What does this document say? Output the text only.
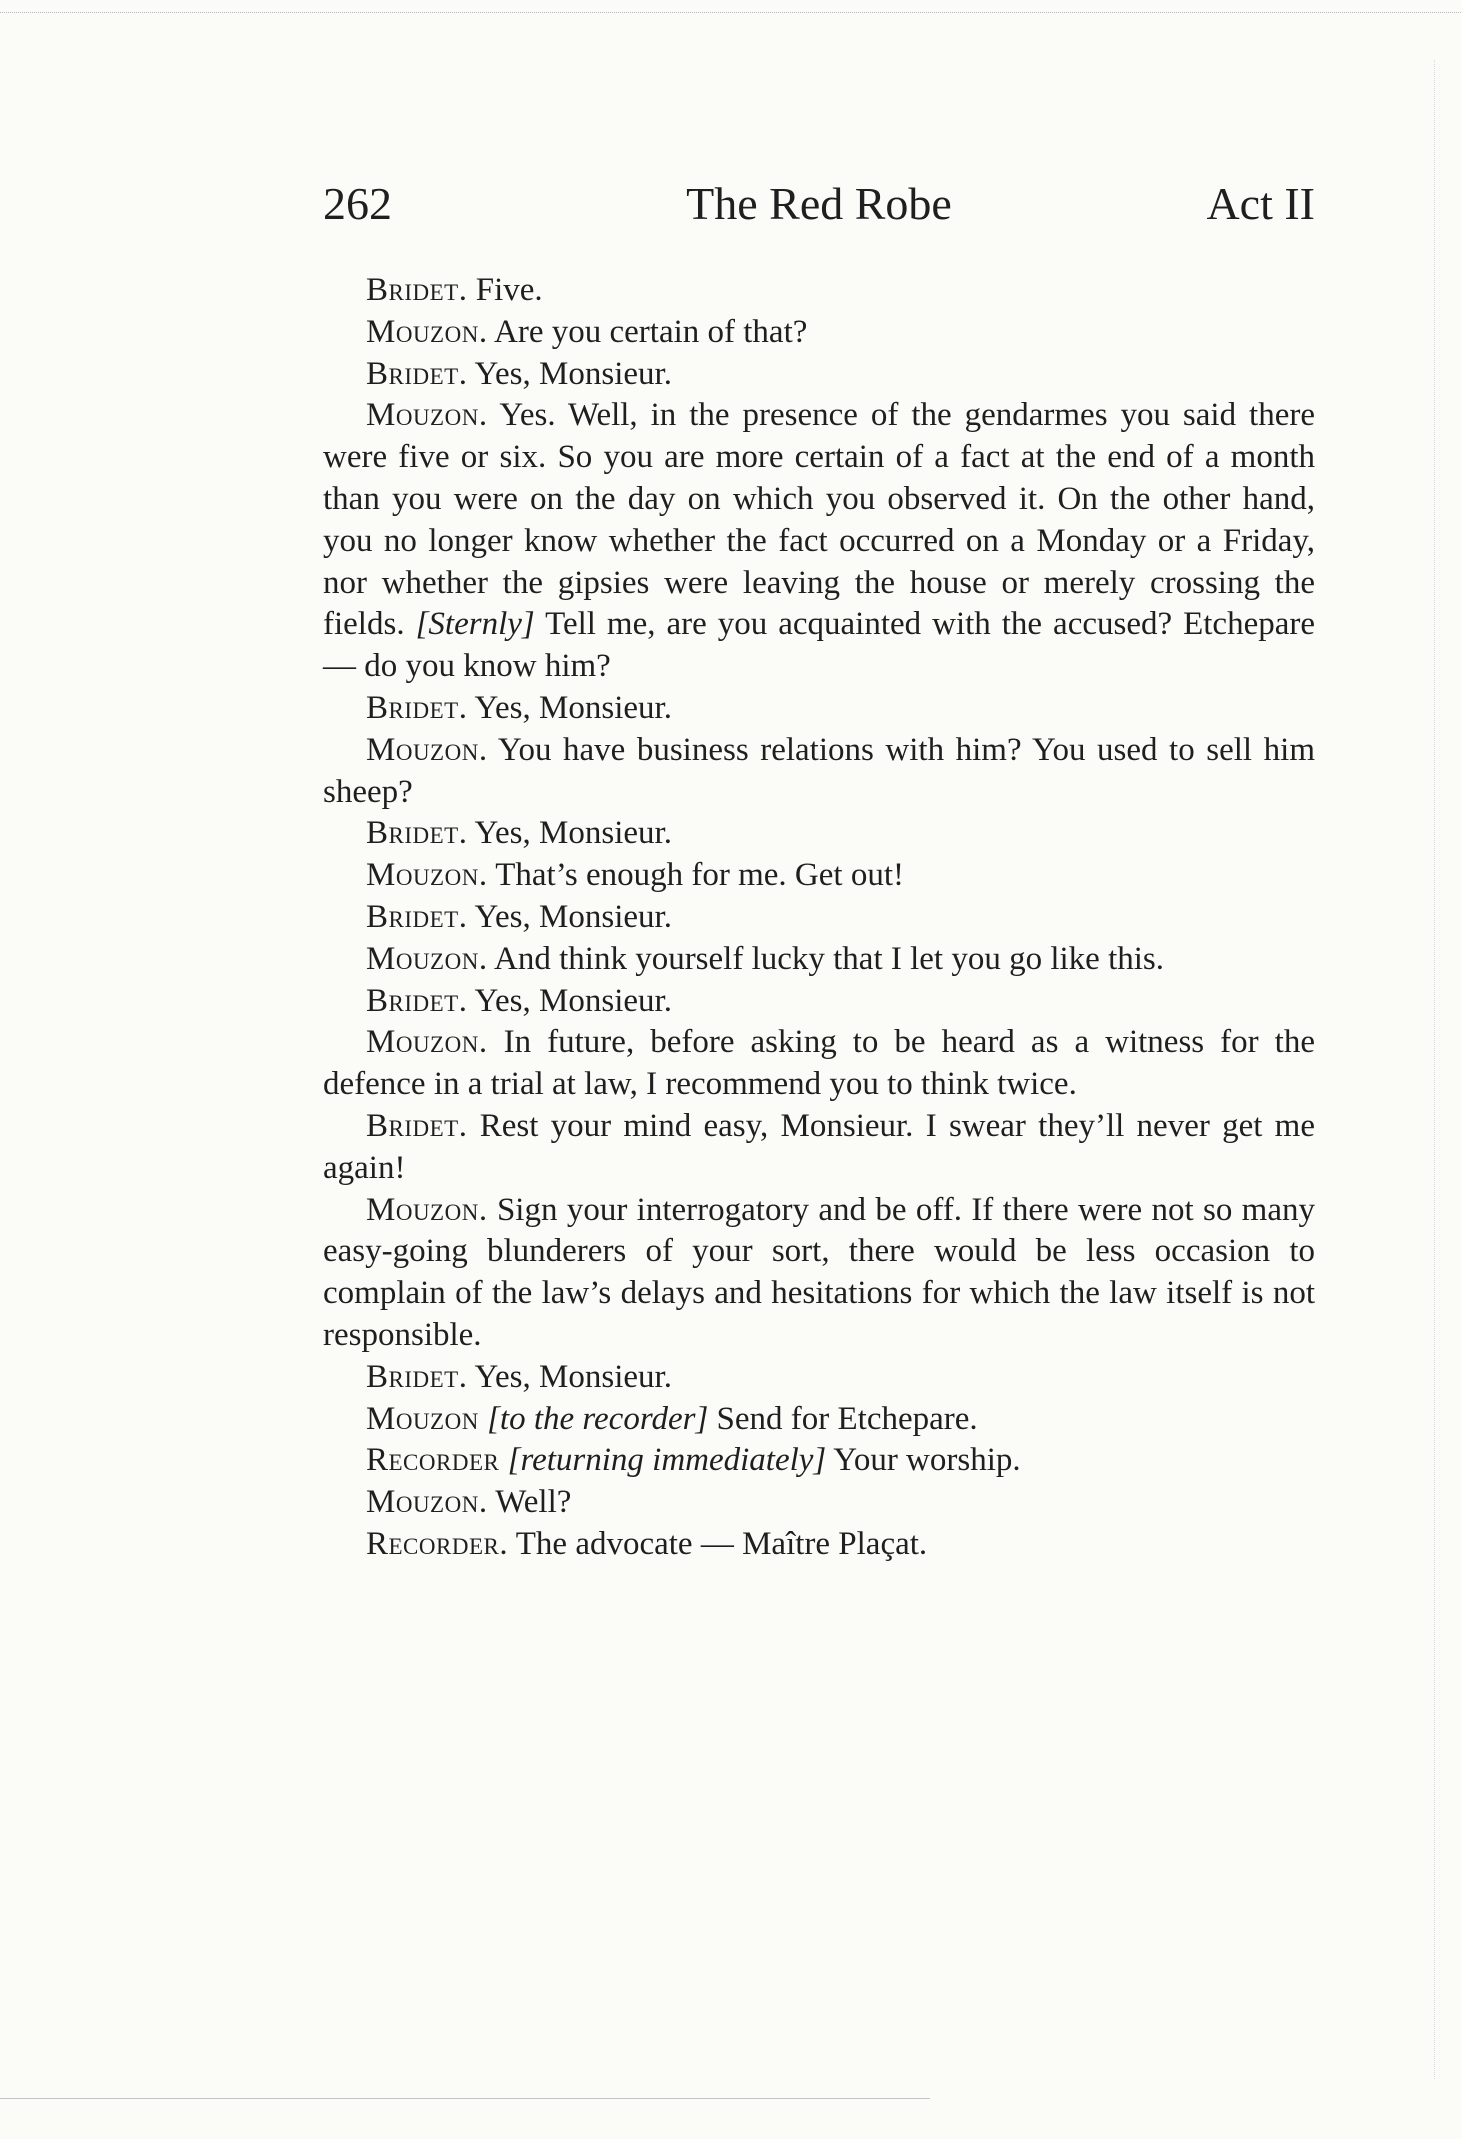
262	The Red Robe	Act II

Bridet. Five.

Mouzon. Are you certain of that?

Bridet. Yes, Monsieur.

Mouzon. Yes. Well, in the presence of the gendarmes you said there were five or six. So you are more certain of a fact at the end of a month than you were on the day on which you observed it. On the other hand, you no longer know whether the fact occurred on a Monday or a Friday, nor whether the gipsies were leaving the house or merely crossing the fields. [Sternly] Tell me, are you acquainted with the accused? Etchepare — do you know him?

Bridet. Yes, Monsieur.

Mouzon. You have business relations with him? You used to sell him sheep?

Bridet. Yes, Monsieur.

Mouzon. That’s enough for me. Get out!

Bridet. Yes, Monsieur.

Mouzon. And think yourself lucky that I let you go like this.

Bridet. Yes, Monsieur.

Mouzon. In future, before asking to be heard as a witness for the defence in a trial at law, I recommend you to think twice.

Bridet. Rest your mind easy, Monsieur. I swear they’ll never get me again!

Mouzon. Sign your interrogatory and be off. If there were not so many easy-going blunderers of your sort, there would be less occasion to complain of the law’s delays and hesitations for which the law itself is not responsible.

Bridet. Yes, Monsieur.

Mouzon [to the recorder] Send for Etchepare.

Recorder [returning immediately] Your worship.

Mouzon. Well?

Recorder. The advocate — Maître Plaçat.
